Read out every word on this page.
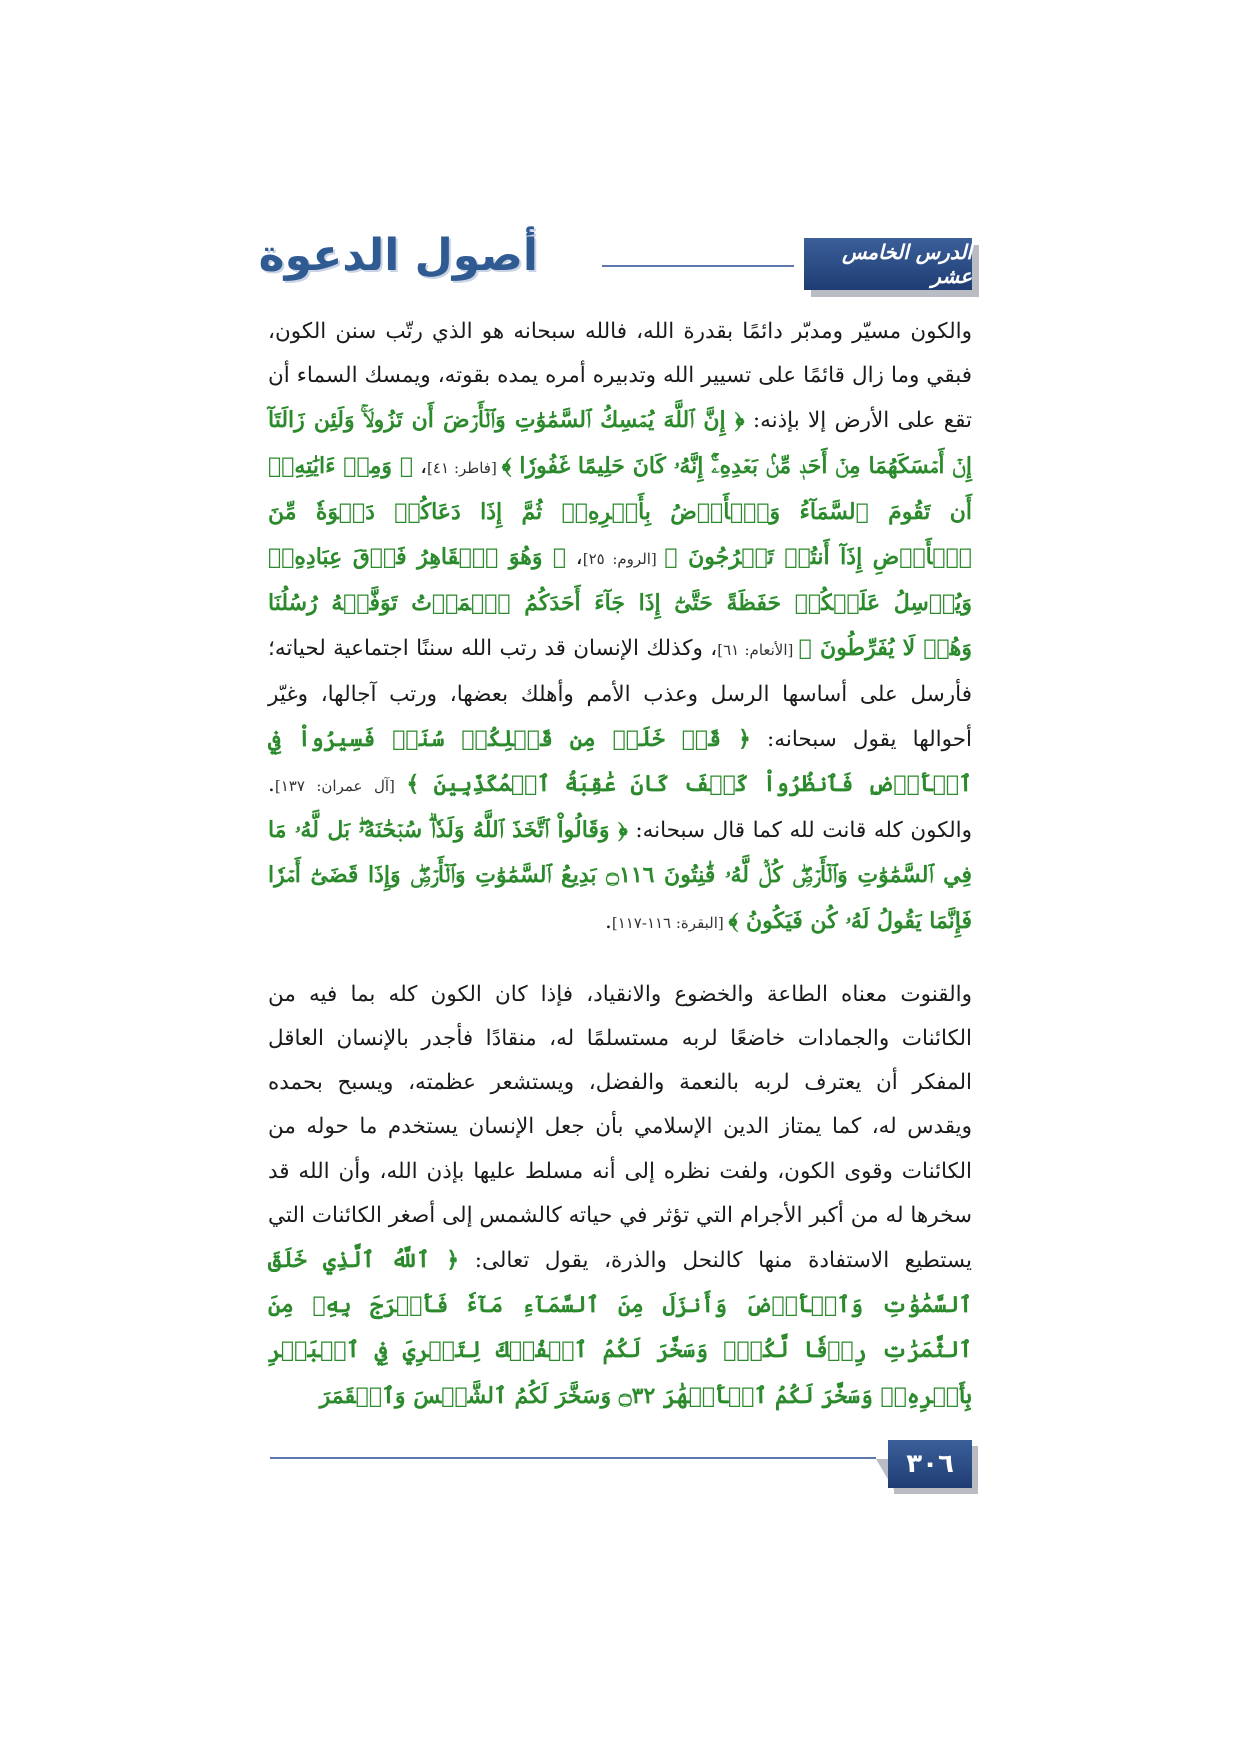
الدرس الخامس عشر
أصول الدعوة

والكون مسيّر ومدبّر دائمًا بقدرة الله، فالله سبحانه هو الذي رتّب سنن الكون، فبقي وما زال قائمًا على تسيير الله وتدبيره أمره يمده بقوته، ويمسك السماء أن تقع على الأرض إلا بإذنه: ﴿ إِنَّ ٱللَّهَ يُمۡسِكُ ٱلسَّمَٰوَٰتِ وَٱلۡأَرۡضَ أَن تَزُولَاۚ وَلَئِن زَالَتَآ إِنۡ أَمۡسَكَهُمَا مِنۡ أَحَدٖ مِّنۢ بَعۡدِهِۦٓۚ إِنَّهُۥ كَانَ حَلِيمًا غَفُورٗا ﴾ [فاطر: ٤١]، ﴿ وَمِنۡ ءَايَٰتِهِۦٓ أَن تَقُومَ ٱلسَّمَآءُ وَٱلۡأَرۡضُ بِأَمۡرِهِۦۚ ثُمَّ إِذَا دَعَاكُمۡ دَعۡوَةٗ مِّنَ ٱلۡأَرۡضِ إِذَآ أَنتُمۡ تَخۡرُجُونَ ﴾ [الروم: ٢٥]، ﴿ وَهُوَ ٱلۡقَاهِرُ فَوۡقَ عِبَادِهِۦۖ وَيُرۡسِلُ عَلَيۡكُمۡ حَفَظَةً حَتَّىٰٓ إِذَا جَآءَ أَحَدَكُمُ ٱلۡمَوۡتُ تَوَفَّتۡهُ رُسُلُنَا وَهُمۡ لَا يُفَرِّطُونَ ﴾ [الأنعام: ٦١]، وكذلك الإنسان قد رتب الله سننًا اجتماعية لحياته؛ فأرسل على أساسها الرسل وعذب الأمم وأهلك بعضها، ورتب آجالها، وغيّر أحوالها يقول سبحانه: ﴿ قَدۡ خَلَتۡ مِن قَبۡلِكُمۡ سُنَنٞ فَسِيرُواْ فِي ٱلۡأَرۡضِ فَٱنظُرُواْ كَيۡفَ كَانَ عَٰقِبَةُ ٱلۡمُكَذِّبِينَ ﴾ [آل عمران: ١٣٧]. والكون كله قانت لله كما قال سبحانه: ﴿ وَقَالُواْ ٱتَّخَذَ ٱللَّهُ وَلَدٗاۗ سُبۡحَٰنَهُۥۖ بَل لَّهُۥ مَا فِي ٱلسَّمَٰوَٰتِ وَٱلۡأَرۡضِۖ كُلّٞ لَّهُۥ قَٰنِتُونَ ۝١١٦ بَدِيعُ ٱلسَّمَٰوَٰتِ وَٱلۡأَرۡضِۖ وَإِذَا قَضَىٰٓ أَمۡرٗا فَإِنَّمَا يَقُولُ لَهُۥ كُن فَيَكُونُ ﴾ [البقرة: ١١٦-١١٧].

والقنوت معناه الطاعة والخضوع والانقياد، فإذا كان الكون كله بما فيه من الكائنات والجمادات خاضعًا لربه مستسلمًا له، منقادًا فأجدر بالإنسان العاقل المفكر أن يعترف لربه بالنعمة والفضل، ويستشعر عظمته، ويسبح بحمده ويقدس له، كما يمتاز الدين الإسلامي بأن جعل الإنسان يستخدم ما حوله من الكائنات وقوى الكون، ولفت نظره إلى أنه مسلط عليها بإذن الله، وأن الله قد سخرها له من أكبر الأجرام التي تؤثر في حياته كالشمس إلى أصغر الكائنات التي يستطيع الاستفادة منها كالنحل والذرة، يقول تعالى: ﴿ ٱللَّهُ ٱلَّذِي خَلَقَ ٱلسَّمَٰوَٰتِ وَٱلۡأَرۡضَ وَأَنزَلَ مِنَ ٱلسَّمَآءِ مَآءٗ فَأَخۡرَجَ بِهِۦ مِنَ ٱلثَّمَرَٰتِ رِزۡقٗا لَّكُمۡۖ وَسَخَّرَ لَكُمُ ٱلۡفُلۡكَ لِتَجۡرِيَ فِي ٱلۡبَحۡرِ بِأَمۡرِهِۦۖ وَسَخَّرَ لَكُمُ ٱلۡأَنۡهَٰرَ ۝٣٢ وَسَخَّرَ لَكُمُ ٱلشَّمۡسَ وَٱلۡقَمَرَ

٣٠٦
